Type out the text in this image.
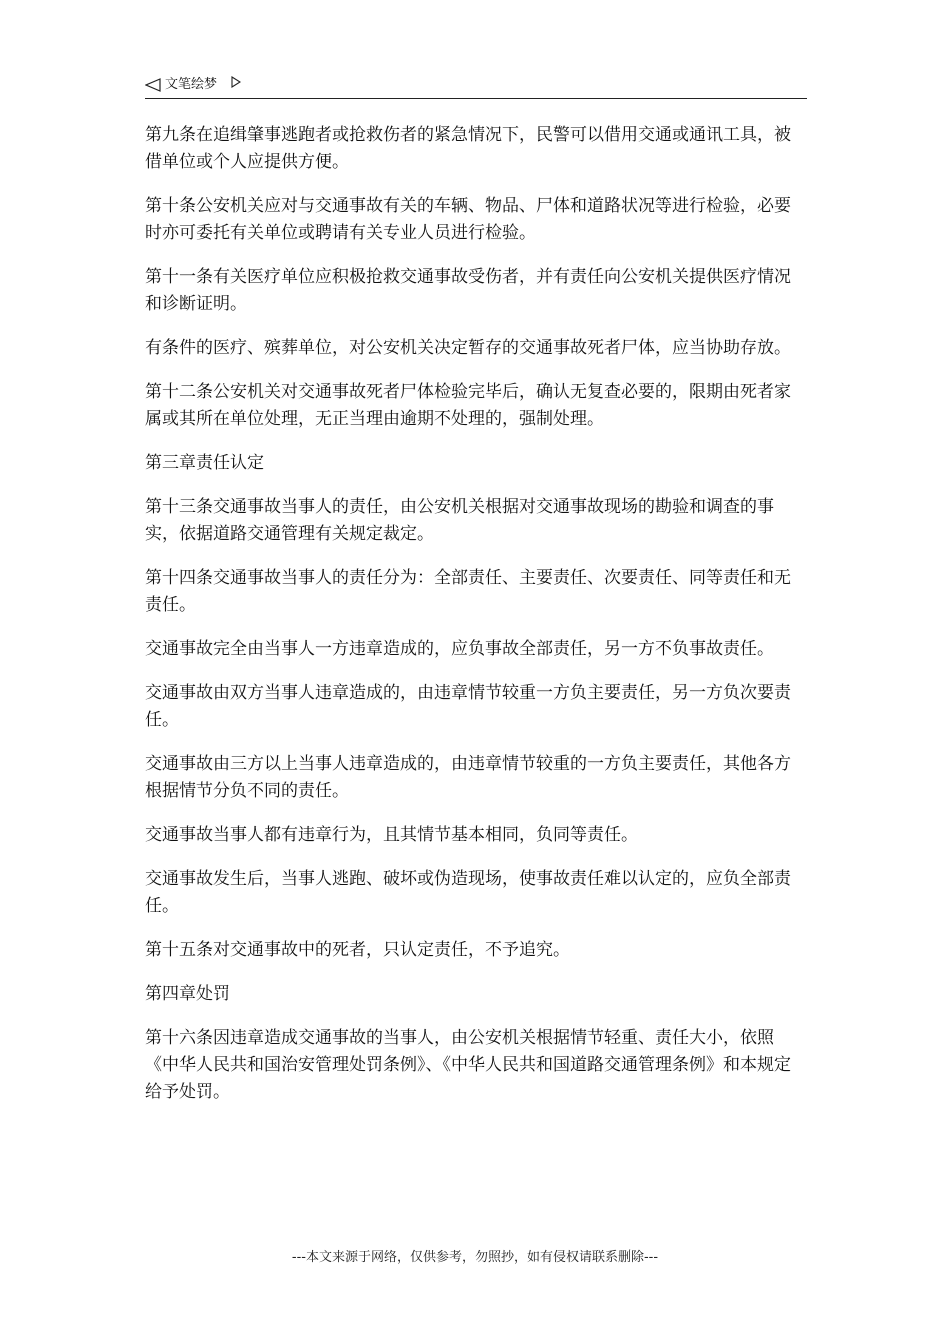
文笔绘梦

第九条在追缉肇事逃跑者或抢救伤者的紧急情况下，民警可以借用交通或通讯工具，被借单位或个人应提供方便。

第十条公安机关应对与交通事故有关的车辆、物品、尸体和道路状况等进行检验，必要时亦可委托有关单位或聘请有关专业人员进行检验。

第十一条有关医疗单位应积极抢救交通事故受伤者，并有责任向公安机关提供医疗情况和诊断证明。

有条件的医疗、殡葬单位，对公安机关决定暂存的交通事故死者尸体，应当协助存放。

第十二条公安机关对交通事故死者尸体检验完毕后，确认无复查必要的，限期由死者家属或其所在单位处理，无正当理由逾期不处理的，强制处理。

第三章责任认定

第十三条交通事故当事人的责任，由公安机关根据对交通事故现场的勘验和调查的事实，依据道路交通管理有关规定裁定。

第十四条交通事故当事人的责任分为：全部责任、主要责任、次要责任、同等责任和无责任。

交通事故完全由当事人一方违章造成的，应负事故全部责任，另一方不负事故责任。

交通事故由双方当事人违章造成的，由违章情节较重一方负主要责任，另一方负次要责任。

交通事故由三方以上当事人违章造成的，由违章情节较重的一方负主要责任，其他各方根据情节分负不同的责任。

交通事故当事人都有违章行为，且其情节基本相同，负同等责任。

交通事故发生后，当事人逃跑、破坏或伪造现场，使事故责任难以认定的，应负全部责任。

第十五条对交通事故中的死者，只认定责任，不予追究。

第四章处罚

第十六条因违章造成交通事故的当事人，由公安机关根据情节轻重、责任大小，依照《中华人民共和国治安管理处罚条例》、《中华人民共和国道路交通管理条例》和本规定给予处罚。

---本文来源于网络，仅供参考，勿照抄，如有侵权请联系删除---
